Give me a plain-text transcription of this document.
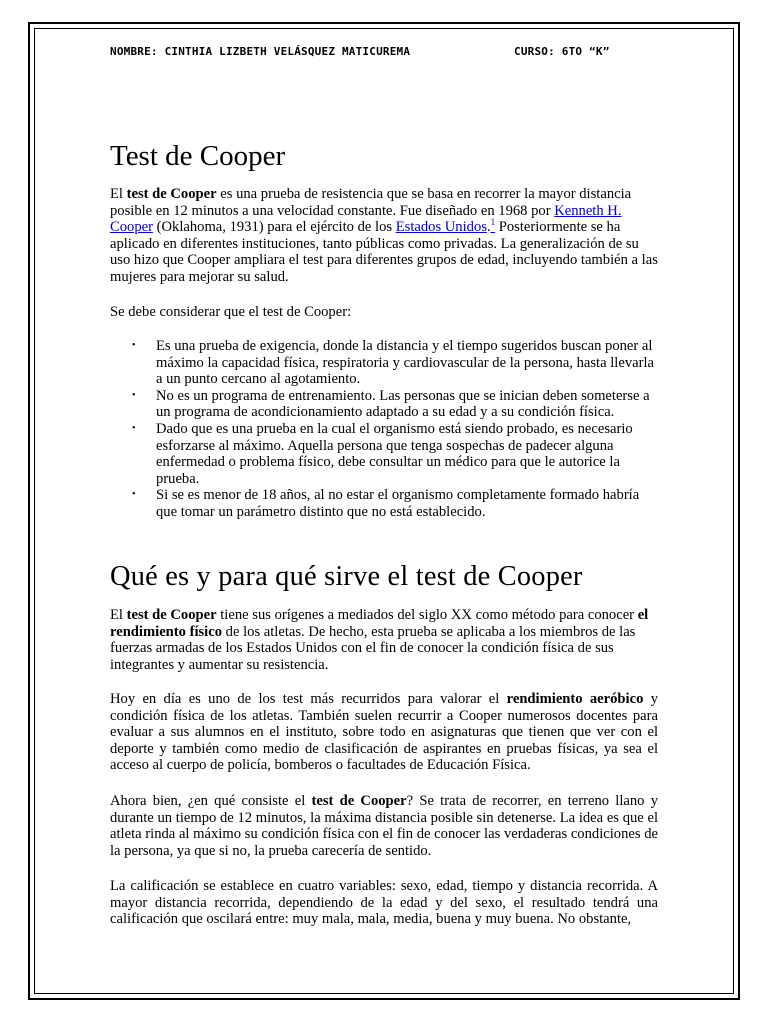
NOMBRE: CINTHIA LIZBETH VELÁSQUEZ MATICUREMA	CURSO: 6TO “K”
Test de Cooper

El test de Cooper es una prueba de resistencia que se basa en recorrer la mayor distancia posible en 12 minutos a una velocidad constante. Fue diseñado en 1968 por Kenneth H. Cooper (Oklahoma, 1931) para el ejército de los Estados Unidos.$^1$ Posteriormente se ha aplicado en diferentes instituciones, tanto públicas como privadas. La generalización de su uso hizo que Cooper ampliara el test para diferentes grupos de edad, incluyendo también a las mujeres para mejorar su salud.

Se debe considerar que el test de Cooper:

• Es una prueba de exigencia, donde la distancia y el tiempo sugeridos buscan poner al máximo la capacidad física, respiratoria y cardiovascular de la persona, hasta llevarla a un punto cercano al agotamiento.
• No es un programa de entrenamiento. Las personas que se inician deben someterse a un programa de acondicionamiento adaptado a su edad y a su condición física.
• Dado que es una prueba en la cual el organismo está siendo probado, es necesario esforzarse al máximo. Aquella persona que tenga sospechas de padecer alguna enfermedad o problema físico, debe consultar un médico para que le autorice la prueba.
• Si se es menor de 18 años, al no estar el organismo completamente formado habría que tomar un parámetro distinto que no está establecido.
Qué es y para qué sirve el test de Cooper

El test de Cooper tiene sus orígenes a mediados del siglo XX como método para conocer el rendimiento físico de los atletas. De hecho, esta prueba se aplicaba a los miembros de las fuerzas armadas de los Estados Unidos con el fin de conocer la condición física de sus integrantes y aumentar su resistencia.

Hoy en día es uno de los test más recurridos para valorar el rendimiento aeróbico y condición física de los atletas. También suelen recurrir a Cooper numerosos docentes para evaluar a sus alumnos en el instituto, sobre todo en asignaturas que tienen que ver con el deporte y también como medio de clasificación de aspirantes en pruebas físicas, ya sea el acceso al cuerpo de policía, bomberos o facultades de Educación Física.

Ahora bien, ¿en qué consiste el test de Cooper? Se trata de recorrer, en terreno llano y durante un tiempo de 12 minutos, la máxima distancia posible sin detenerse. La idea es que el atleta rinda al máximo su condición física con el fin de conocer las verdaderas condiciones de la persona, ya que si no, la prueba carecería de sentido.

La calificación se establece en cuatro variables: sexo, edad, tiempo y distancia recorrida. A mayor distancia recorrida, dependiendo de la edad y del sexo, el resultado tendrá una calificación que oscilará entre: muy mala, mala, media, buena y muy buena. No obstante,
